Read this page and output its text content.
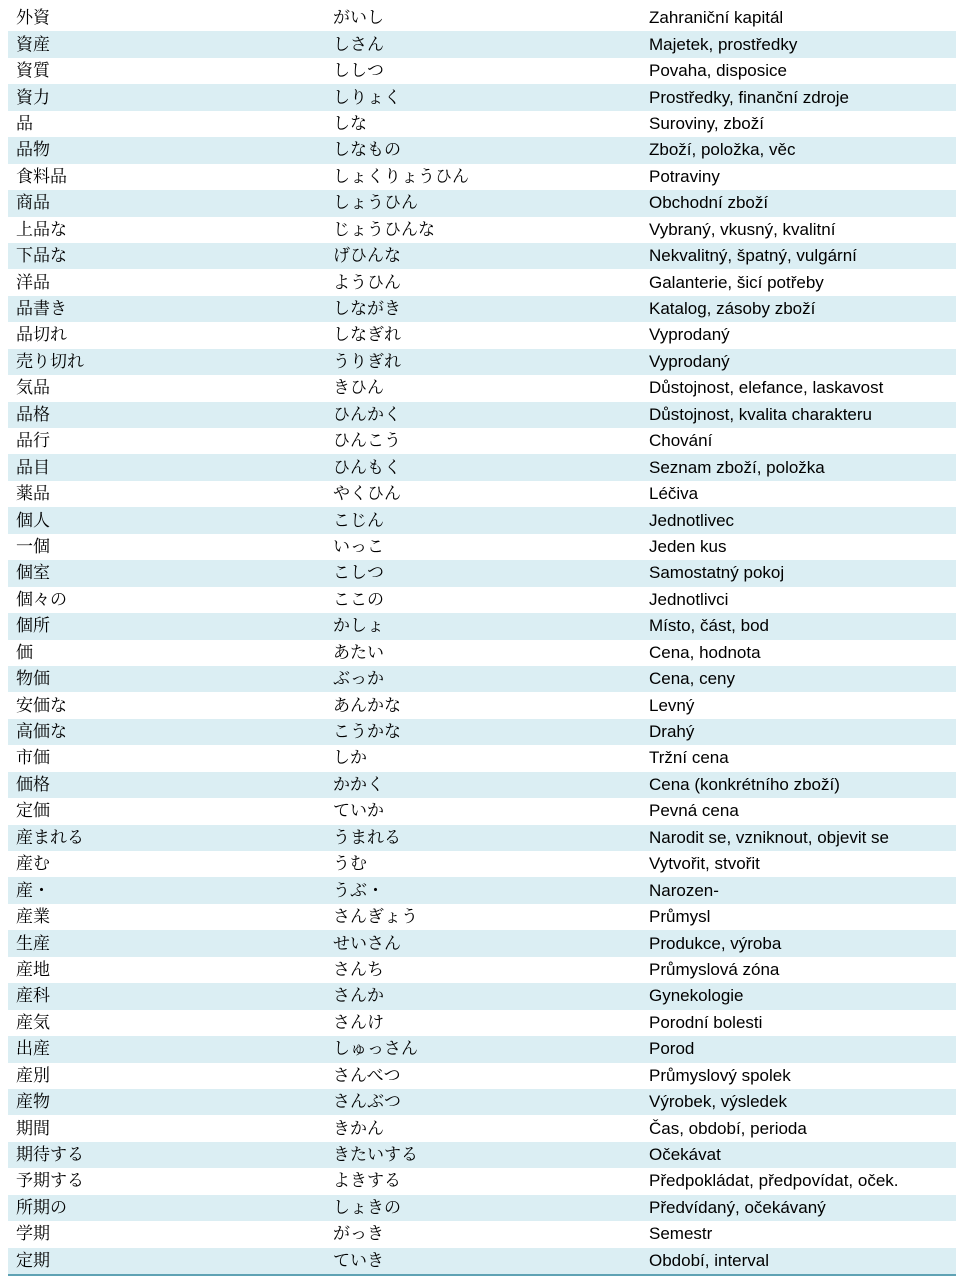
外資	がいし	Zahraniční kapitál
資産	しさん	Majetek, prostředky
資質	ししつ	Povaha, disposice
資力	しりょく	Prostředky, finanční zdroje
品	しな	Suroviny, zboží
品物	しなもの	Zboží, položka, věc
食料品	しょくりょうひん	Potraviny
商品	しょうひん	Obchodní zboží
上品な	じょうひんな	Vybraný, vkusný, kvalitní
下品な	げひんな	Nekvalitný, špatný, vulgární
洋品	ようひん	Galanterie, šicí potřeby
品書き	しながき	Katalog, zásoby zboží
品切れ	しなぎれ	Vyprodaný
売り切れ	うりぎれ	Vyprodaný
気品	きひん	Důstojnost, elefance, laskavost
品格	ひんかく	Důstojnost, kvalita charakteru
品行	ひんこう	Chování
品目	ひんもく	Seznam zboží, položka
薬品	やくひん	Léčiva
個人	こじん	Jednotlivec
一個	いっこ	Jeden kus
個室	こしつ	Samostatný pokoj
個々の	ここの	Jednotlivci
個所	かしょ	Místo, část, bod
価	あたい	Cena, hodnota
物価	ぶっか	Cena, ceny
安価な	あんかな	Levný
高価な	こうかな	Drahý
市価	しか	Tržní cena
価格	かかく	Cena (konkrétního zboží)
定価	ていか	Pevná cena
産まれる	うまれる	Narodit se, vzniknout, objevit se
産む	うむ	Vytvořit, stvořit
産・	うぶ・	Narozen-
産業	さんぎょう	Průmysl
生産	せいさん	Produkce, výroba
産地	さんち	Průmyslová zóna
産科	さんか	Gynekologie
産気	さんけ	Porodní bolesti
出産	しゅっさん	Porod
産別	さんべつ	Průmyslový spolek
産物	さんぶつ	Výrobek, výsledek
期間	きかん	Čas, období, perioda
期待する	きたいする	Očekávat
予期する	よきする	Předpokládat, předpovídat, oček.
所期の	しょきの	Předvídaný, očekávaný
学期	がっき	Semestr
定期	ていき	Období, interval
